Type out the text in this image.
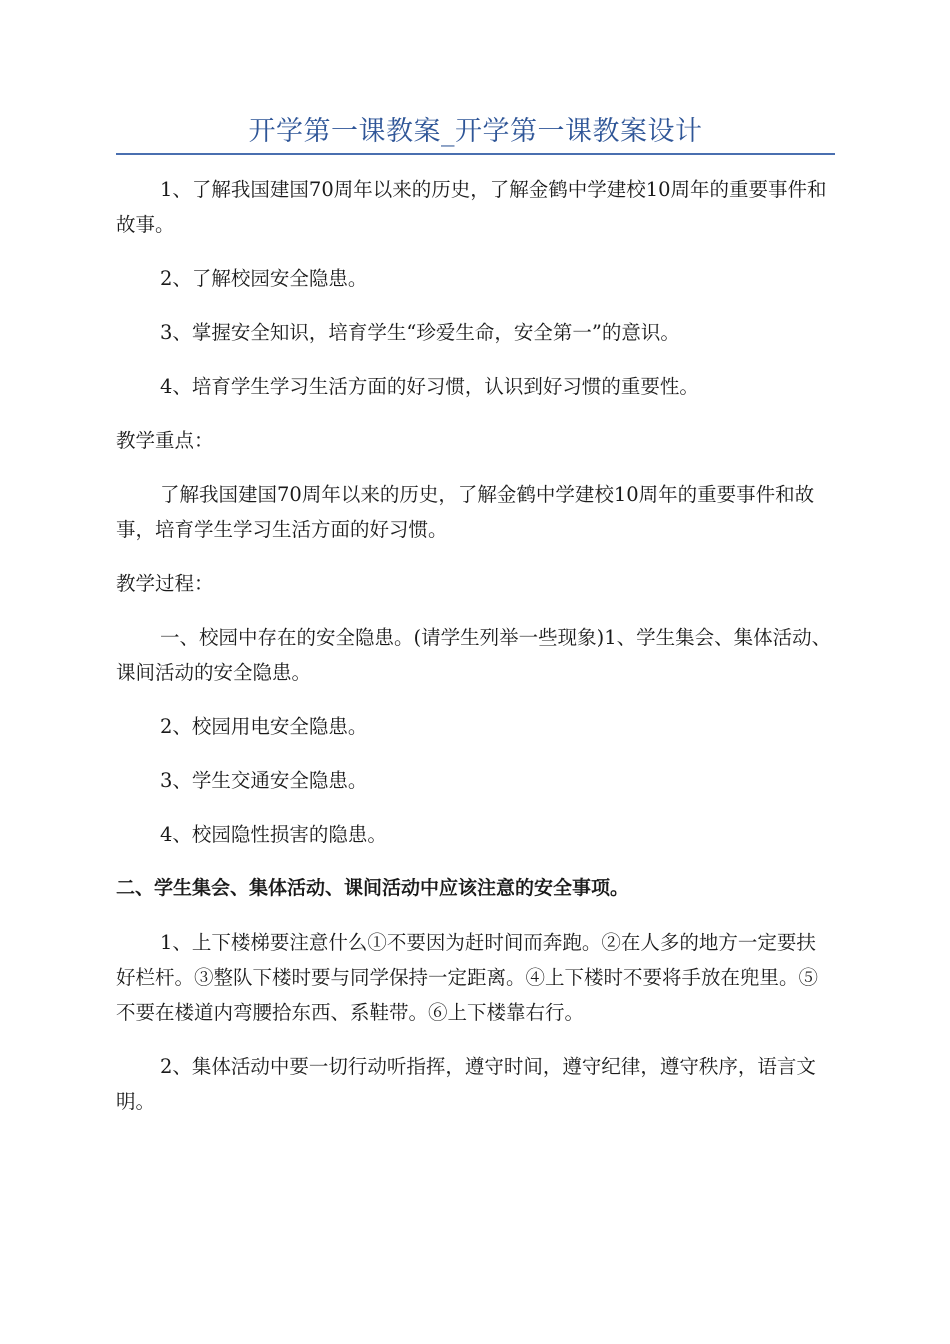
开学第一课教案_开学第一课教案设计

1、了解我国建国70周年以来的历史，了解金鹤中学建校10周年的重要事件和故事。

2、了解校园安全隐患。

3、掌握安全知识，培育学生“珍爱生命，安全第一”的意识。

4、培育学生学习生活方面的好习惯，认识到好习惯的重要性。

教学重点：

了解我国建国70周年以来的历史，了解金鹤中学建校10周年的重要事件和故事，培育学生学习生活方面的好习惯。

教学过程：

一、校园中存在的安全隐患。(请学生列举一些现象)1、学生集会、集体活动、课间活动的安全隐患。

2、校园用电安全隐患。

3、学生交通安全隐患。

4、校园隐性损害的隐患。

二、学生集会、集体活动、课间活动中应该注意的安全事项。

1、上下楼梯要注意什么①不要因为赶时间而奔跑。②在人多的地方一定要扶好栏杆。③整队下楼时要与同学保持一定距离。④上下楼时不要将手放在兜里。⑤不要在楼道内弯腰拾东西、系鞋带。⑥上下楼靠右行。

2、集体活动中要一切行动听指挥，遵守时间，遵守纪律，遵守秩序，语言文明。
